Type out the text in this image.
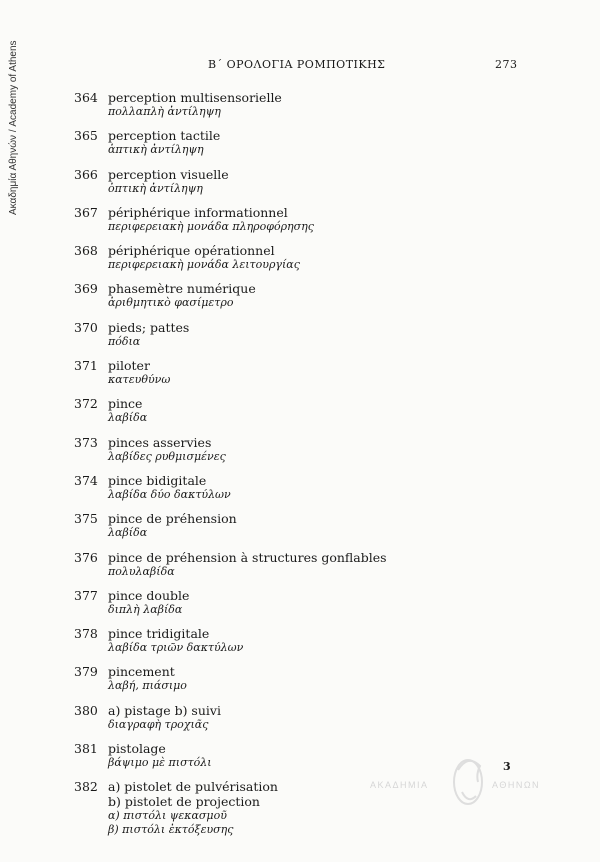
Ακαδημία Αθηνών / Academy of Athens	Β΄ ΟΡΟΛΟΓΙΑ ΡΟΜΠΟΤΙΚΗΣ	273
364 perception multisensorielle
πολλαπλὴ ἀντίληψη
365 perception tactile
ἁπτικὴ ἀντίληψη
366 perception visuelle
ὀπτικὴ ἀντίληψη
367 périphérique informationnel
περιφερειακὴ μονάδα πληροφόρησης
368 périphérique opérationnel
περιφερειακὴ μονάδα λειτουργίας
369 phasemètre numérique
ἀριθμητικὸ φασίμετρο
370 pieds; pattes
πόδια
371 piloter
κατευθύνω
372 pince
λαβίδα
373 pinces asservies
λαβίδες ρυθμισμένες
374 pince bidigitale
λαβίδα δύο δακτύλων
375 pince de préhension
λαβίδα
376 pince de préhension à structures gonflables
πολυλαβίδα
377 pince double
διπλὴ λαβίδα
378 pince tridigitale
λαβίδα τριῶν δακτύλων
379 pincement
λαβή, πιάσιμο
380 a) pistage b) suivi
διαγραφὴ τροχιᾶς
381 pistolage
βάψιμο μὲ πιστόλι
382 a) pistolet de pulvérisation
b) pistolet de projection
α) πιστόλι ψεκασμοῦ
β) πιστόλι ἐκτόξευσης
3
ΑΚΑΔΗΜΙΑ	ΑΘΗΝΩΝ
